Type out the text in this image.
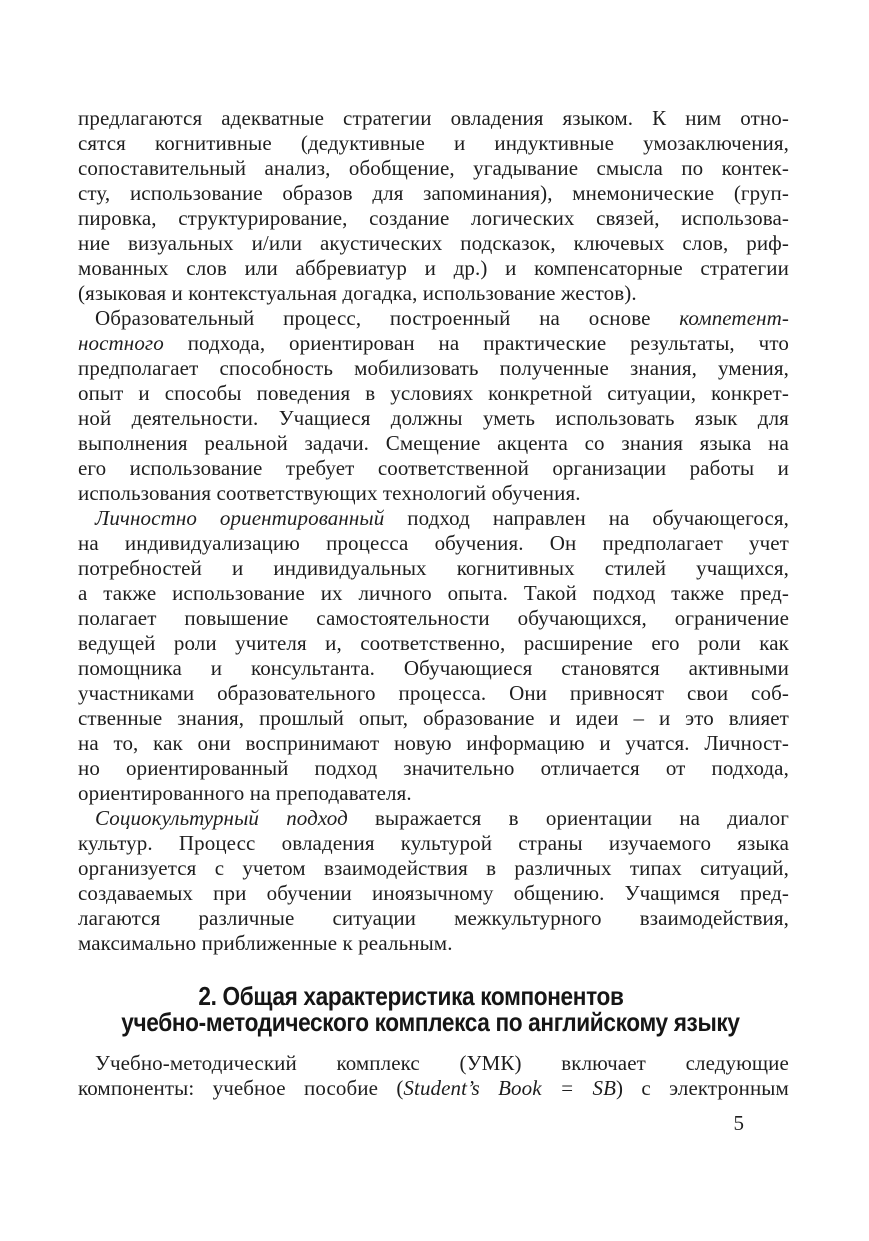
предлагаются адекватные стратегии овладения языком. К ним отно-
сятся когнитивные (дедуктивные и индуктивные умозаключения,
сопоставительный анализ, обобщение, угадывание смысла по контек-
сту, использование образов для запоминания), мнемонические (груп-
пировка, структурирование, создание логических связей, использова-
ние визуальных и/или акустических подсказок, ключевых слов, риф-
мованных слов или аббревиатур и др.) и компенсаторные стратегии
(языковая и контекстуальная догадка, использование жестов).
Образовательный процесс, построенный на основе компетент-
ностного подхода, ориентирован на практические результаты, что
предполагает способность мобилизовать полученные знания, умения,
опыт и способы поведения в условиях конкретной ситуации, конкрет-
ной деятельности. Учащиеся должны уметь использовать язык для
выполнения реальной задачи. Смещение акцента со знания языка на
его использование требует соответственной организации работы и
использования соответствующих технологий обучения.
Личностно ориентированный подход направлен на обучающегося,
на индивидуализацию процесса обучения. Он предполагает учет
потребностей и индивидуальных когнитивных стилей учащихся,
а также использование их личного опыта. Такой подход также пред-
полагает повышение самостоятельности обучающихся, ограничение
ведущей роли учителя и, соответственно, расширение его роли как
помощника и консультанта. Обучающиеся становятся активными
участниками образовательного процесса. Они привносят свои соб-
ственные знания, прошлый опыт, образование и идеи – и это влияет
на то, как они воспринимают новую информацию и учатся. Личност-
но ориентированный подход значительно отличается от подхода,
ориентированного на преподавателя.
Социокультурный подход выражается в ориентации на диалог
культур. Процесс овладения культурой страны изучаемого языка
организуется с учетом взаимодействия в различных типах ситуаций,
создаваемых при обучении иноязычному общению. Учащимся пред-
лагаются различные ситуации межкультурного взаимодействия,
максимально приближенные к реальным.
2. Общая характеристика компонентов
учебно-методического комплекса по английскому языку
Учебно-методический комплекс (УМК) включает следующие
компоненты: учебное пособие (Student’s Book = SB) с электронным
5
